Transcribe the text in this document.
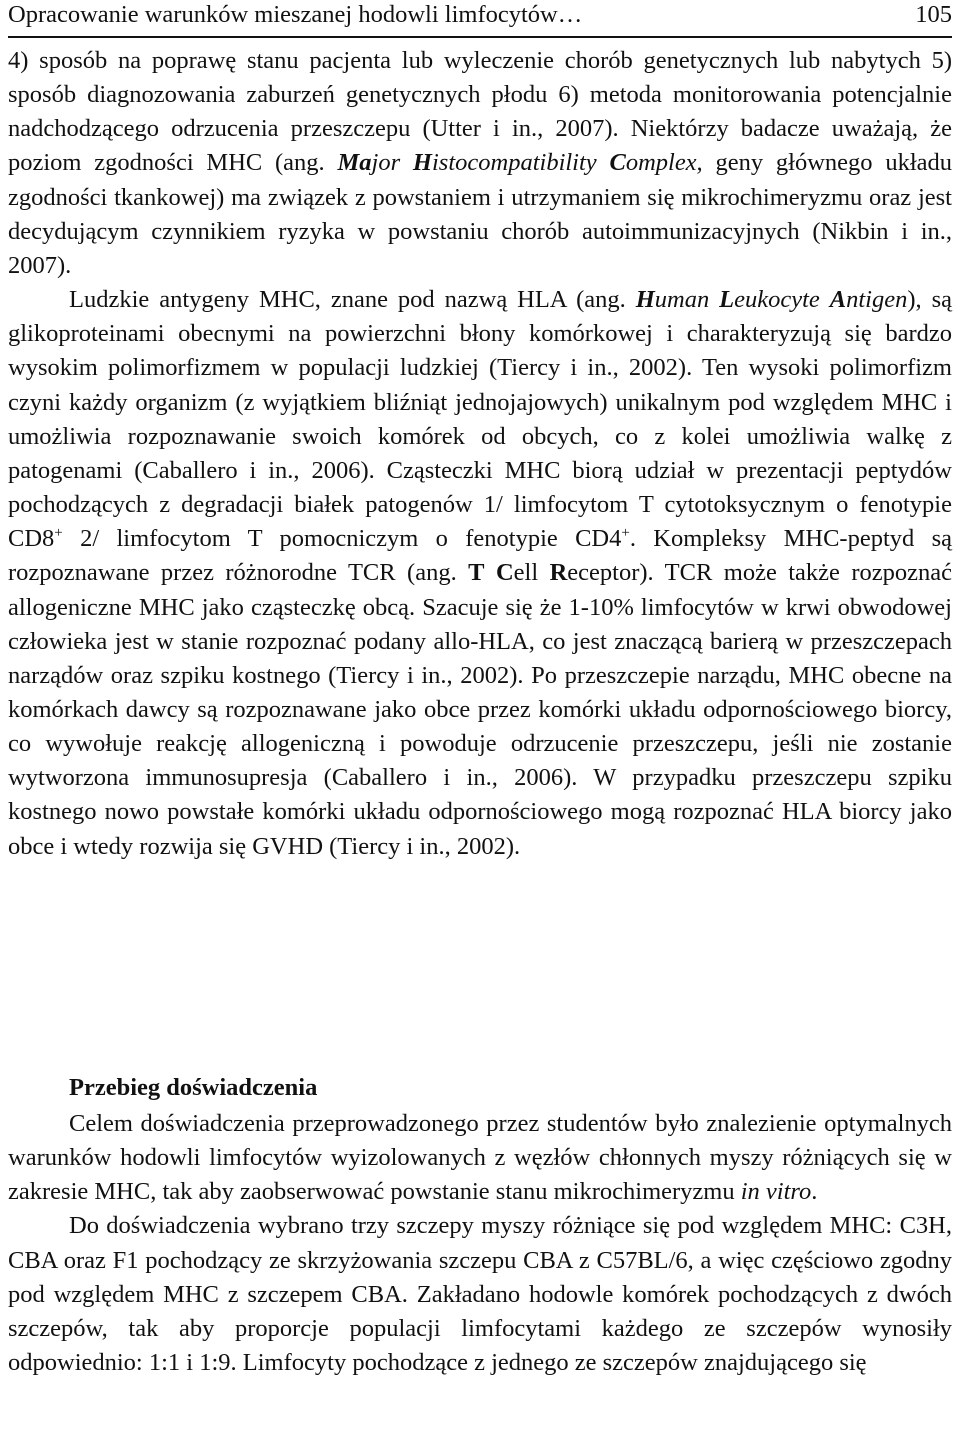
Opracowanie warunków mieszanej hodowli limfocytów…	105

4) sposób na poprawę stanu pacjenta lub wyleczenie chorób genetycznych lub nabytych 5) sposób diagnozowania zaburzeń genetycznych płodu 6) metoda monitorowania potencjalnie nadchodzącego odrzucenia przeszczepu (Utter i in., 2007). Niektórzy badacze uważają, że poziom zgodności MHC (ang. Major Histocompatibility Complex, geny głównego układu zgodności tkankowej) ma związek z powstaniem i utrzymaniem się mikrochimeryzmu oraz jest decydującym czynnikiem ryzyka w powstaniu chorób autoimmunizacyjnych (Nikbin i in., 2007).

Ludzkie antygeny MHC, znane pod nazwą HLA (ang. Human Leukocyte Antigen), są glikoproteinami obecnymi na powierzchni błony komórkowej i charakteryzują się bardzo wysokim polimorfizmem w populacji ludzkiej (Tiercy i in., 2002). Ten wysoki polimorfizm czyni każdy organizm (z wyjątkiem bliźniąt jednojajowych) unikalnym pod względem MHC i umożliwia rozpoznawanie swoich komórek od obcych, co z kolei umożliwia walkę z patogenami (Caballero i in., 2006). Cząsteczki MHC biorą udział w prezentacji peptydów pochodzących z degradacji białek patogenów 1/ limfocytom T cytotoksycznym o fenotypie CD8+ 2/ limfocytom T pomocniczym o fenotypie CD4+. Kompleksy MHC-peptyd są rozpoznawane przez różnorodne TCR (ang. T Cell Receptor). TCR może także rozpoznać allogeniczne MHC jako cząsteczkę obcą. Szacuje się że 1-10% limfocytów w krwi obwodowej człowieka jest w stanie rozpoznać podany allo-HLA, co jest znaczącą barierą w przeszczepach narządów oraz szpiku kostnego (Tiercy i in., 2002). Po przeszczepie narządu, MHC obecne na komórkach dawcy są rozpoznawane jako obce przez komórki układu odpornościowego biorcy, co wywołuje reakcję allogeniczną i powoduje odrzucenie przeszczepu, jeśli nie zostanie wytworzona immunosupresja (Caballero i in., 2006). W przypadku przeszczepu szpiku kostnego nowo powstałe komórki układu odpornościowego mogą rozpoznać HLA biorcy jako obce i wtedy rozwija się GVHD (Tiercy i in., 2002).

Przebieg doświadczenia

Celem doświadczenia przeprowadzonego przez studentów było znalezienie optymalnych warunków hodowli limfocytów wyizolowanych z węzłów chłonnych myszy różniących się w zakresie MHC, tak aby zaobserwować powstanie stanu mikrochimeryzmu in vitro.

Do doświadczenia wybrano trzy szczepy myszy różniące się pod względem MHC: C3H, CBA oraz F1 pochodzący ze skrzyżowania szczepu CBA z C57BL/6, a więc częściowo zgodny pod względem MHC z szczepem CBA. Zakładano hodowle komórek pochodzących z dwóch szczepów, tak aby proporcje populacji limfocytami każdego ze szczepów wynosiły odpowiednio: 1:1 i 1:9. Limfocyty pochodzące z jednego ze szczepów znajdującego się
